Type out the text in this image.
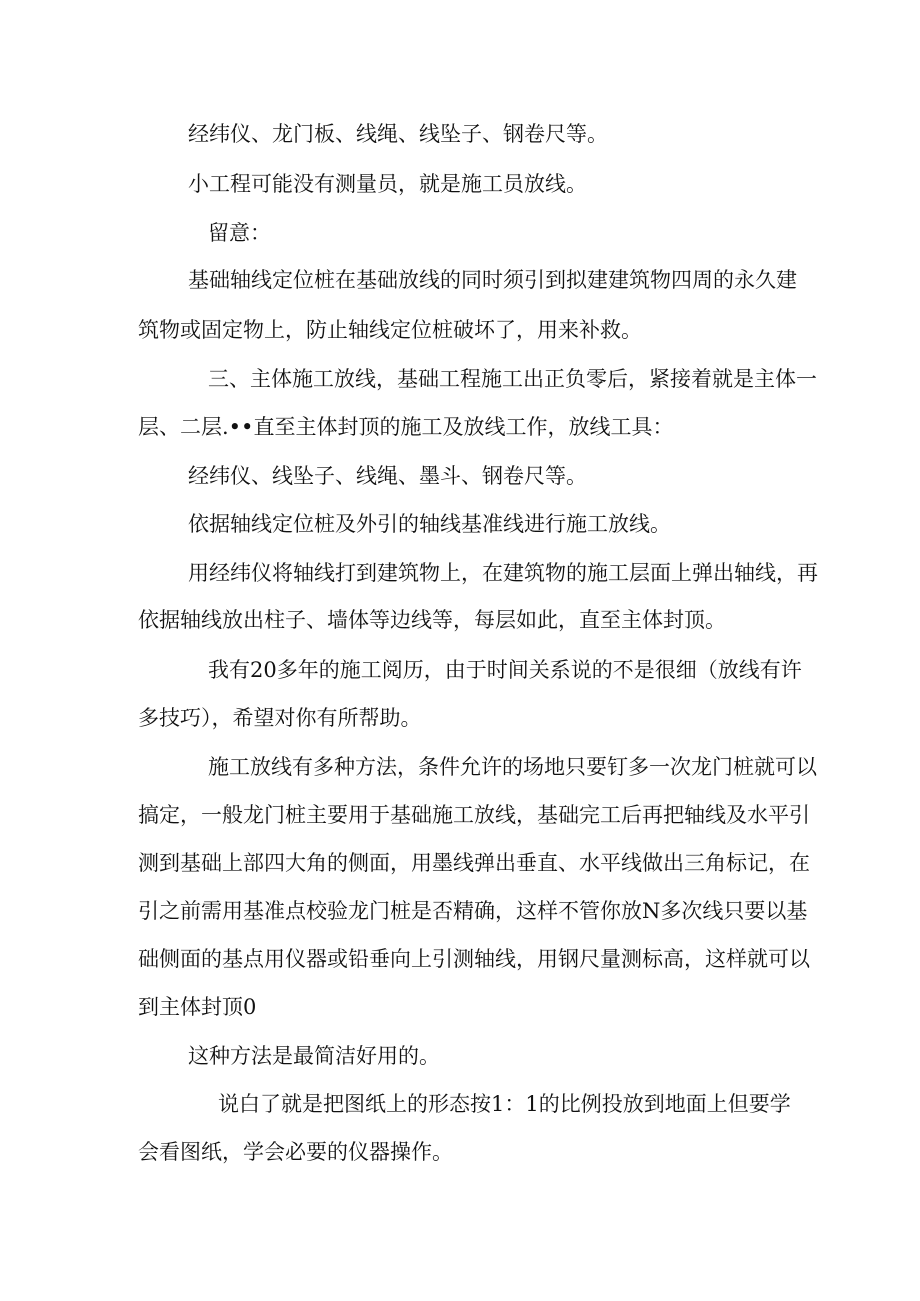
经纬仪、龙门板、线绳、线坠子、钢卷尺等。

小工程可能没有测量员，就是施工员放线。

留意：

基础轴线定位桩在基础放线的同时须引到拟建建筑物四周的永久建

筑物或固定物上，防止轴线定位桩破坏了，用来补救。

三、主体施工放线，基础工程施工出正负零后，紧接着就是主体一

层、二层.••直至主体封顶的施工及放线工作，放线工具：

经纬仪、线坠子、线绳、墨斗、钢卷尺等。

依据轴线定位桩及外引的轴线基准线进行施工放线。

用经纬仪将轴线打到建筑物上，在建筑物的施工层面上弹出轴线，再

依据轴线放出柱子、墙体等边线等，每层如此，直至主体封顶。

我有20多年的施工阅历，由于时间关系说的不是很细（放线有许

多技巧），希望对你有所帮助。

施工放线有多种方法，条件允许的场地只要钉多一次龙门桩就可以

搞定，一般龙门桩主要用于基础施工放线，基础完工后再把轴线及水平引

测到基础上部四大角的侧面，用墨线弹出垂直、水平线做出三角标记，在

引之前需用基准点校验龙门桩是否精确，这样不管你放N多次线只要以基

础侧面的基点用仪器或铅垂向上引测轴线，用钢尺量测标高，这样就可以

到主体封顶0

这种方法是最简洁好用的。

说白了就是把图纸上的形态按1：1的比例投放到地面上但要学

会看图纸，学会必要的仪器操作。
